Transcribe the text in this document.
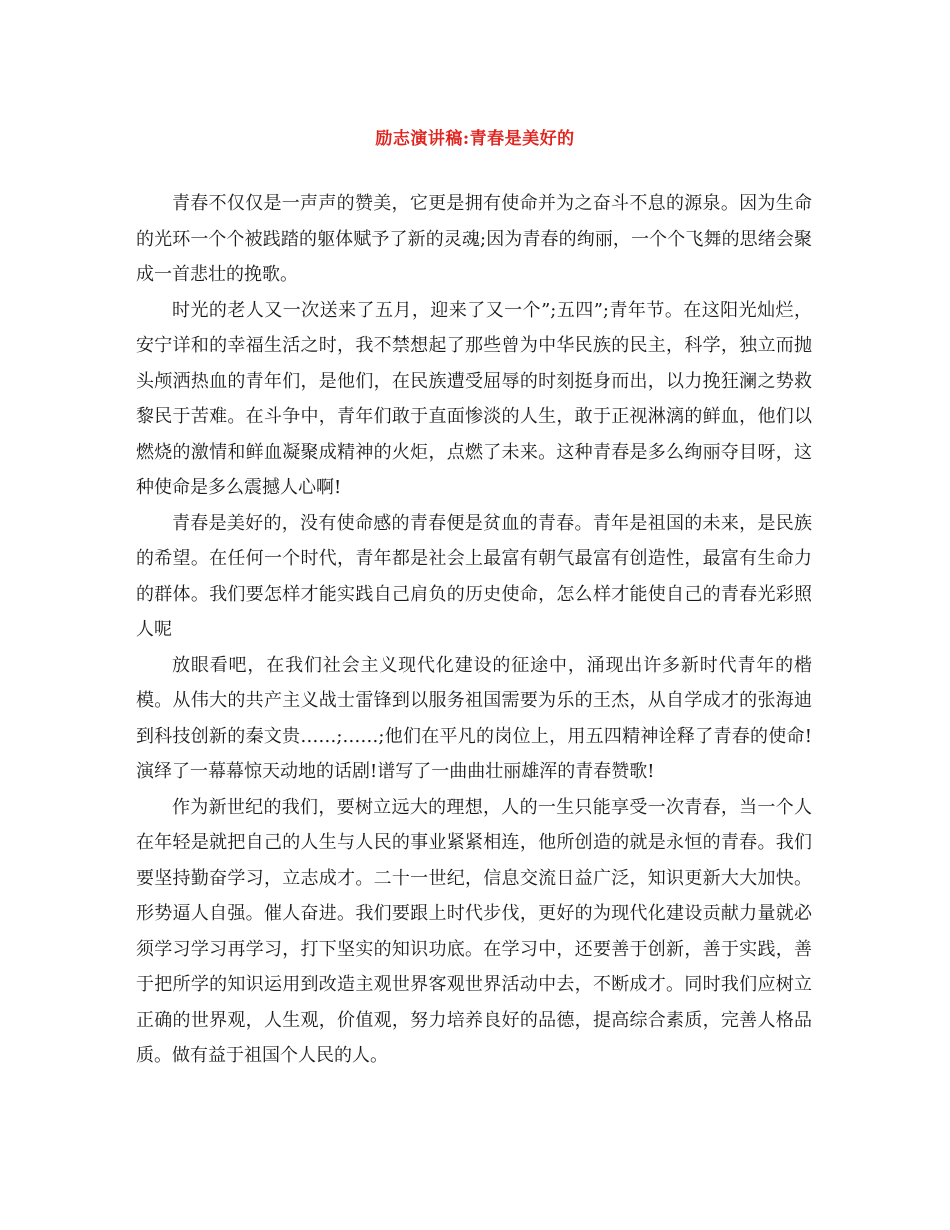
励志演讲稿:青春是美好的

青春不仅仅是一声声的赞美，它更是拥有使命并为之奋斗不息的源泉。因为生命的光环一个个被践踏的躯体赋予了新的灵魂;因为青春的绚丽，一个个飞舞的思绪会聚成一首悲壮的挽歌。

时光的老人又一次送来了五月，迎来了又一个”;五四”;青年节。在这阳光灿烂，安宁详和的幸福生活之时，我不禁想起了那些曾为中华民族的民主，科学，独立而抛头颅洒热血的青年们，是他们，在民族遭受屈辱的时刻挺身而出，以力挽狂澜之势救黎民于苦难。在斗争中，青年们敢于直面惨淡的人生，敢于正视淋漓的鲜血，他们以燃烧的激情和鲜血凝聚成精神的火炬，点燃了未来。这种青春是多么绚丽夺目呀，这种使命是多么震撼人心啊!

青春是美好的，没有使命感的青春便是贫血的青春。青年是祖国的未来，是民族的希望。在任何一个时代，青年都是社会上最富有朝气最富有创造性，最富有生命力的群体。我们要怎样才能实践自己肩负的历史使命，怎么样才能使自己的青春光彩照人呢

放眼看吧，在我们社会主义现代化建设的征途中，涌现出许多新时代青年的楷模。从伟大的共产主义战士雷锋到以服务祖国需要为乐的王杰，从自学成才的张海迪到科技创新的秦文贵……;……;他们在平凡的岗位上，用五四精神诠释了青春的使命!演绎了一幕幕惊天动地的话剧!谱写了一曲曲壮丽雄浑的青春赞歌!

作为新世纪的我们，要树立远大的理想，人的一生只能享受一次青春，当一个人在年轻是就把自己的人生与人民的事业紧紧相连，他所创造的就是永恒的青春。我们要坚持勤奋学习，立志成才。二十一世纪，信息交流日益广泛，知识更新大大加快。形势逼人自强。催人奋进。我们要跟上时代步伐，更好的为现代化建设贡献力量就必须学习学习再学习，打下坚实的知识功底。在学习中，还要善于创新，善于实践，善于把所学的知识运用到改造主观世界客观世界活动中去，不断成才。同时我们应树立正确的世界观，人生观，价值观，努力培养良好的品德，提高综合素质，完善人格品质。做有益于祖国个人民的人。
